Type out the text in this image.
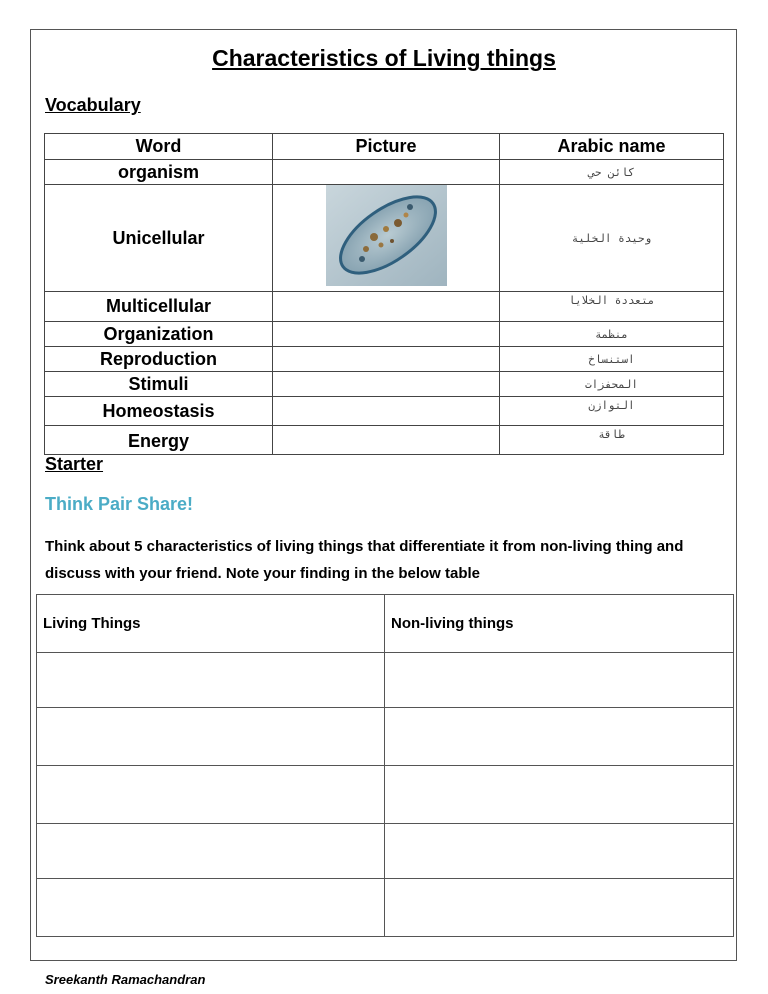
Characteristics of Living things
Vocabulary
Word	Picture	Arabic name
organism		كائن حي
Unicellular		وحيدة الخلية
Multicellular		متعددة الخلايا
Organization		منظمة
Reproduction		استنساخ
Stimuli		المحفزات
Homeostasis		التوازن
Energy		طاقة
Starter
Think Pair Share!
Think about 5 characteristics of living things that differentiate it from non-living thing and discuss with your friend. Note your finding in the below table
Living Things	Non-living things

Sreekanth Ramachandran
